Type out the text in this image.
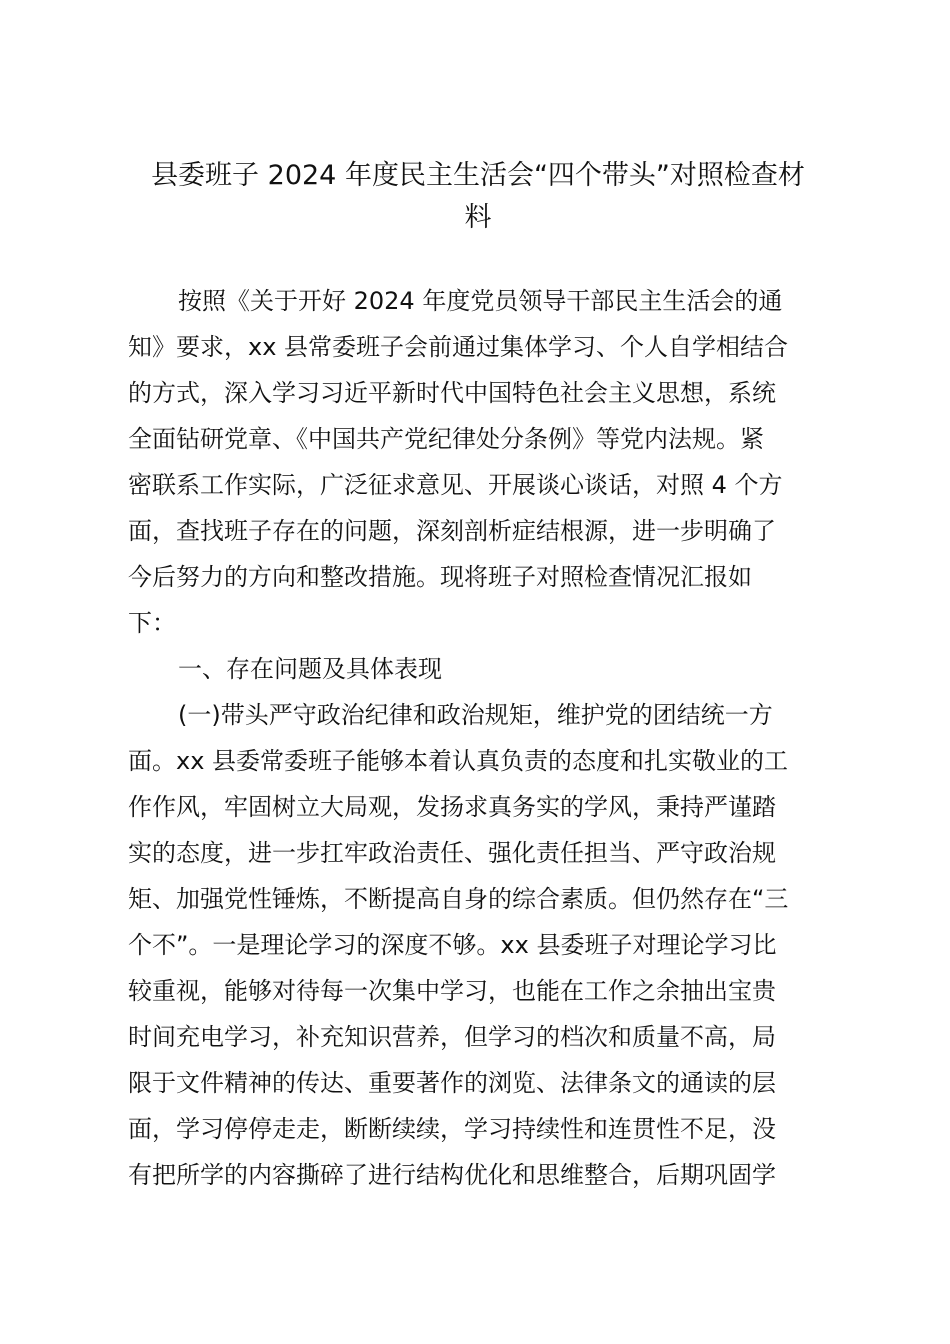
县委班子 2024 年度民主生活会“四个带头”对照检查材
料
按照《关于开好 2024 年度党员领导干部民主生活会的通
知》要求，xx 县常委班子会前通过集体学习、个人自学相结合
的方式，深入学习习近平新时代中国特色社会主义思想，系统
全面钻研党章、《中国共产党纪律处分条例》等党内法规。紧
密联系工作实际，广泛征求意见、开展谈心谈话，对照 4 个方
面，查找班子存在的问题，深刻剖析症结根源，进一步明确了
今后努力的方向和整改措施。现将班子对照检查情况汇报如
下：
一、存在问题及具体表现
(一)带头严守政治纪律和政治规矩，维护党的团结统一方
面。xx 县委常委班子能够本着认真负责的态度和扎实敬业的工
作作风，牢固树立大局观，发扬求真务实的学风，秉持严谨踏
实的态度，进一步扛牢政治责任、强化责任担当、严守政治规
矩、加强党性锤炼，不断提高自身的综合素质。但仍然存在“三
个不”。一是理论学习的深度不够。xx 县委班子对理论学习比
较重视，能够对待每一次集中学习，也能在工作之余抽出宝贵
时间充电学习，补充知识营养，但学习的档次和质量不高，局
限于文件精神的传达、重要著作的浏览、法律条文的通读的层
面，学习停停走走，断断续续，学习持续性和连贯性不足，没
有把所学的内容撕碎了进行结构优化和思维整合，后期巩固学
